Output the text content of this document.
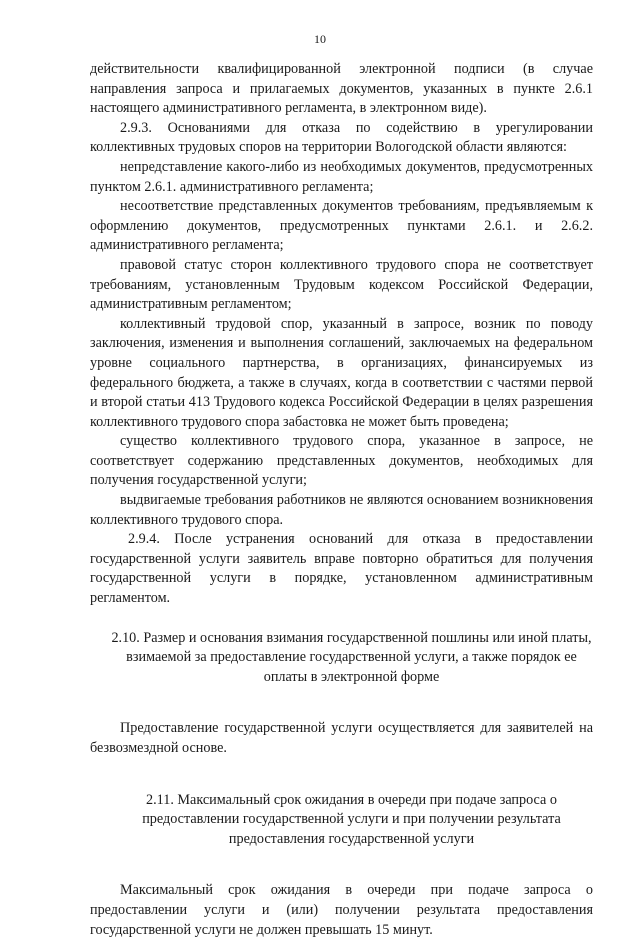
10

действительности квалифицированной электронной подписи (в случае направления запроса и прилагаемых документов, указанных в пункте 2.6.1 настоящего административного регламента, в электронном виде).

2.9.3. Основаниями для отказа по содействию в урегулировании коллективных трудовых споров на территории Вологодской области являются:

непредставление какого-либо из необходимых документов, предусмотренных пунктом 2.6.1. административного регламента;

несоответствие представленных документов требованиям, предъявляемым к оформлению документов, предусмотренных пунктами 2.6.1. и 2.6.2. административного регламента;

правовой статус сторон коллективного трудового спора не соответствует требованиям, установленным Трудовым кодексом Российской Федерации, административным регламентом;

коллективный трудовой спор, указанный в запросе, возник по поводу заключения, изменения и выполнения соглашений, заключаемых на федеральном уровне социального партнерства, в организациях, финансируемых из федерального бюджета, а также в случаях, когда в соответствии с частями первой и второй статьи 413 Трудового кодекса Российской Федерации в целях разрешения коллективного трудового спора забастовка не может быть проведена;

существо коллективного трудового спора, указанное в запросе, не соответствует содержанию представленных документов, необходимых для получения государственной услуги;

выдвигаемые требования работников не являются основанием возникновения коллективного трудового спора.

2.9.4. После устранения оснований для отказа в предоставлении государственной услуги заявитель вправе повторно обратиться для получения государственной услуги в порядке, установленном административным регламентом.

2.10. Размер и основания взимания государственной пошлины или иной платы, взимаемой за предоставление государственной услуги, а также порядок ее оплаты в электронной форме

Предоставление государственной услуги осуществляется для заявителей на безвозмездной основе.

2.11. Максимальный срок ожидания в очереди при подаче запроса о предоставлении государственной услуги и при получении результата предоставления государственной услуги

Максимальный срок ожидания в очереди при подаче запроса о предоставлении услуги и (или) получении результата предоставления государственной услуги не должен превышать 15 минут.
